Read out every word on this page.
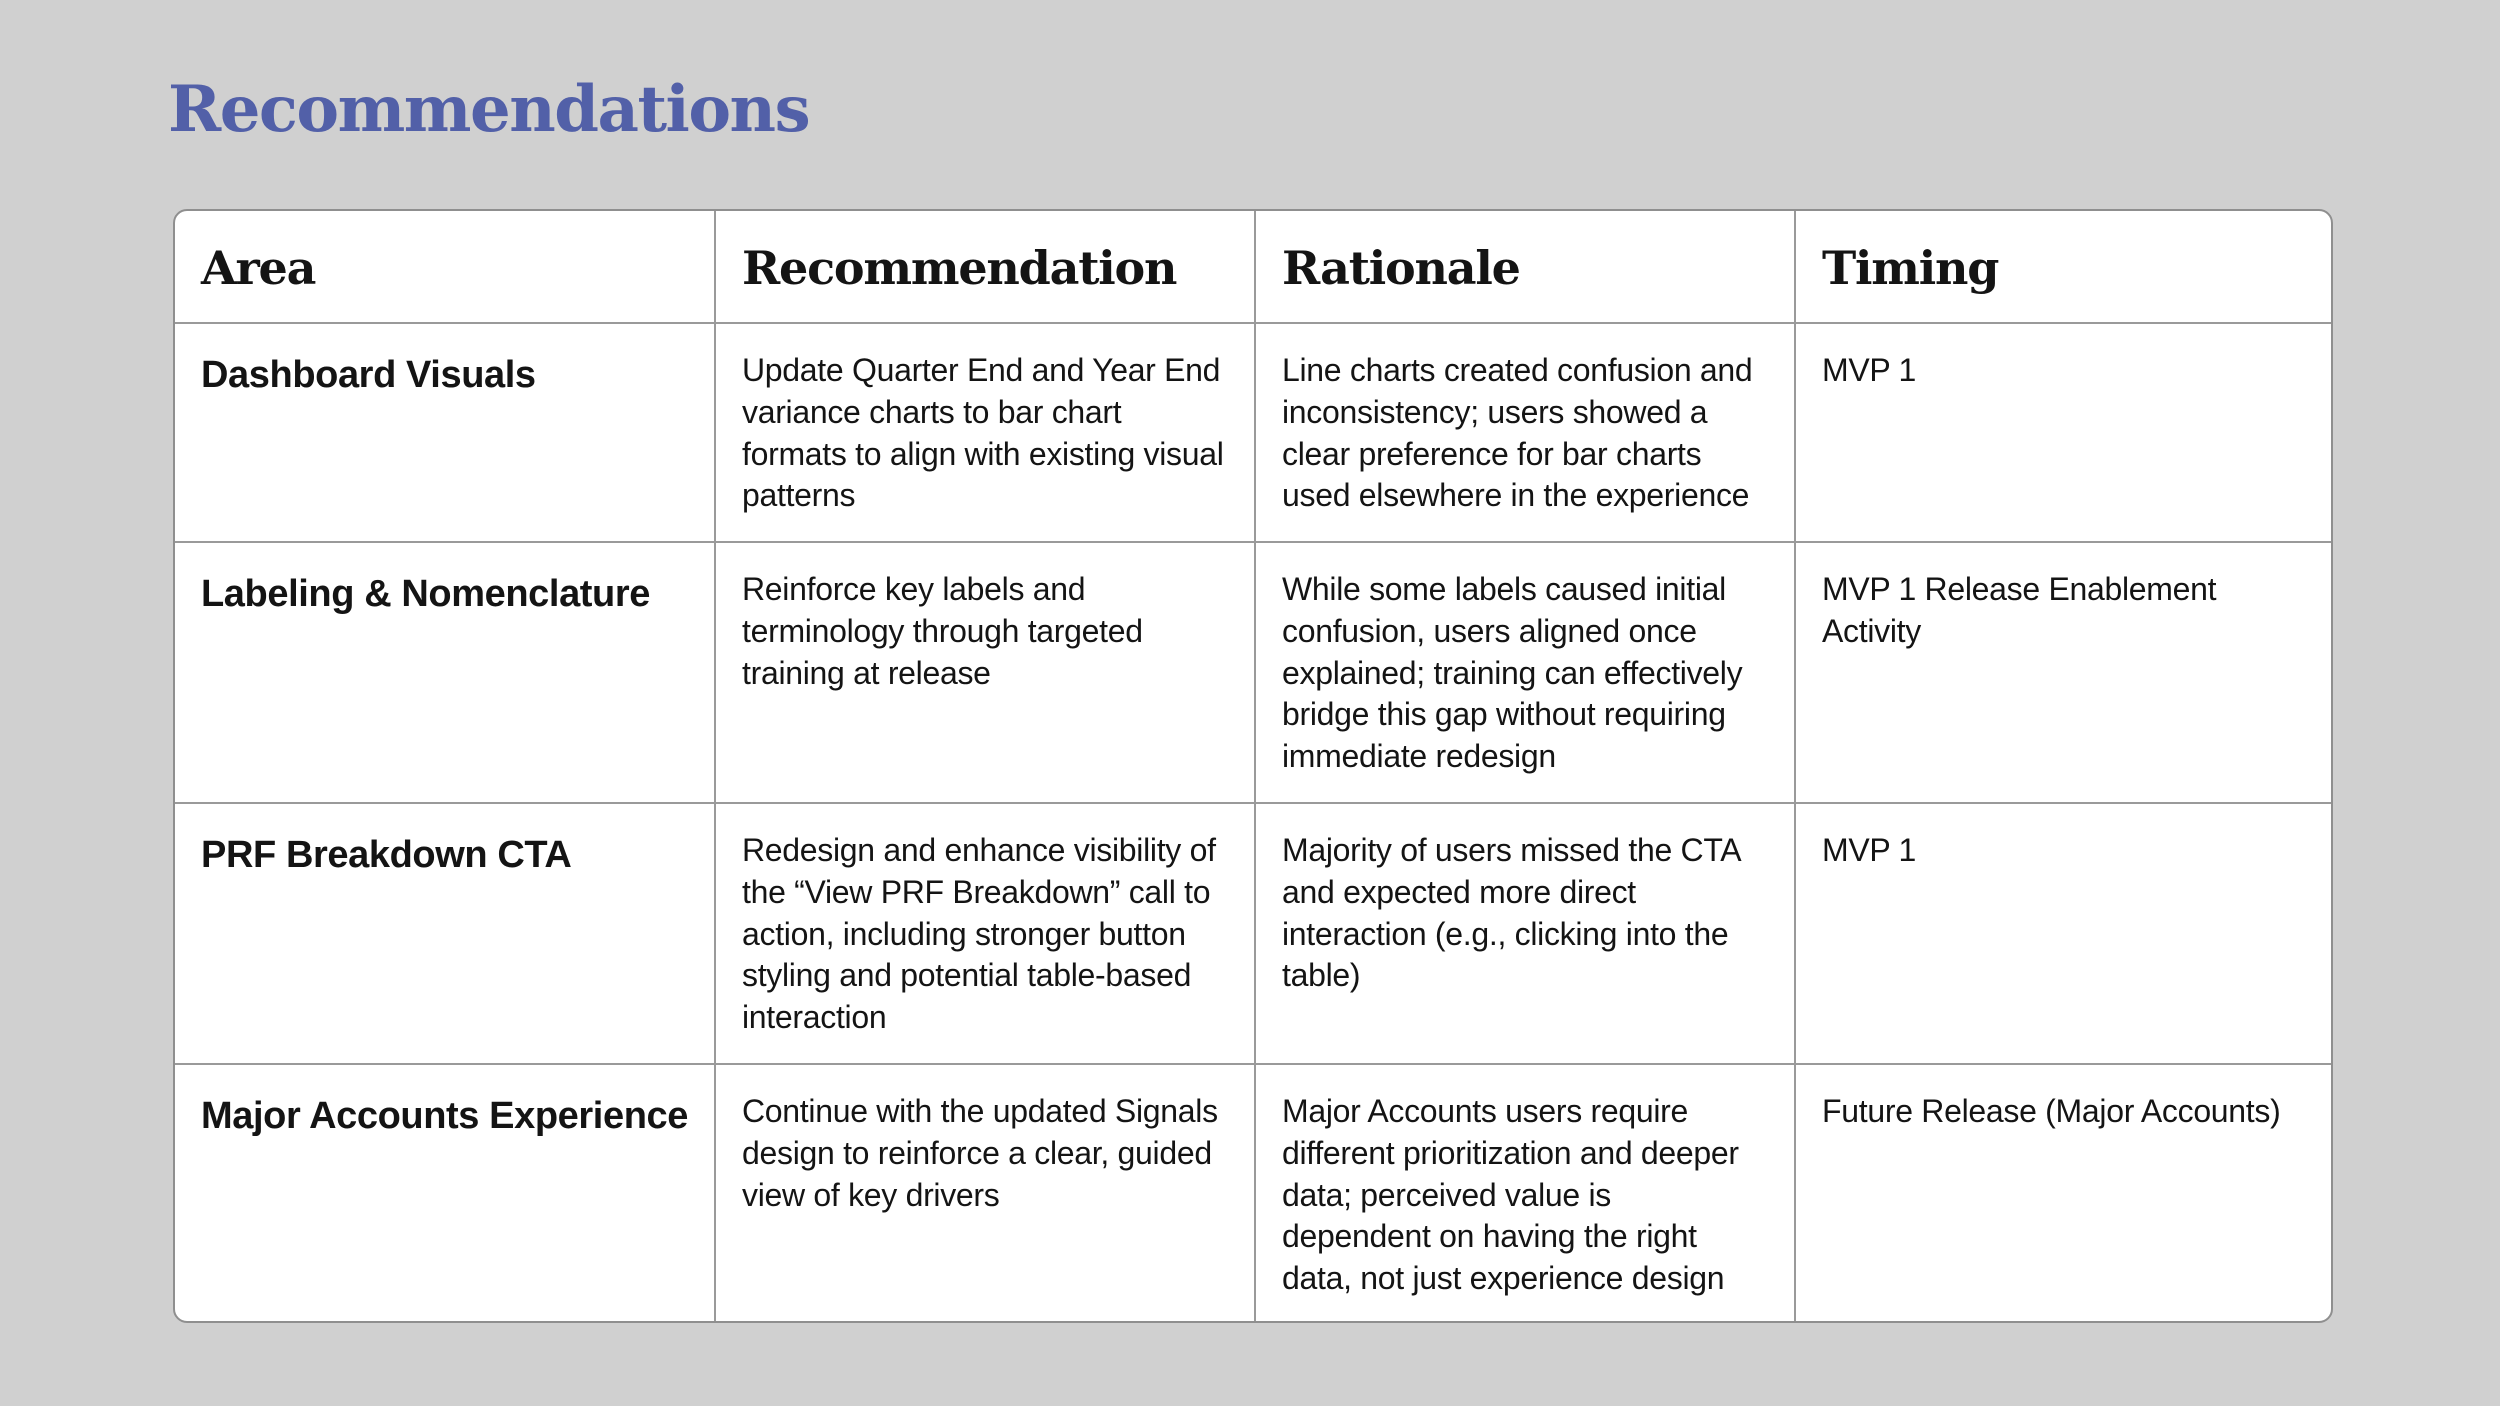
Recommendations
Area	Recommendation	Rationale	Timing
Dashboard Visuals	Update Quarter End and Year End variance charts to bar chart formats to align with existing visual patterns	Line charts created confusion and inconsistency; users showed a clear preference for bar charts used elsewhere in the experience	MVP 1
Labeling & Nomenclature	Reinforce key labels and terminology through targeted training at release	While some labels caused initial confusion, users aligned once explained; training can effectively bridge this gap without requiring immediate redesign	MVP 1 Release Enablement Activity
PRF Breakdown CTA	Redesign and enhance visibility of the “View PRF Breakdown” call to action, including stronger button styling and potential table-based interaction	Majority of users missed the CTA and expected more direct interaction (e.g., clicking into the table)	MVP 1
Major Accounts Experience	Continue with the updated Signals design to reinforce a clear, guided view of key drivers	Major Accounts users require different prioritization and deeper data; perceived value is dependent on having the right data, not just experience design	Future Release (Major Accounts)
